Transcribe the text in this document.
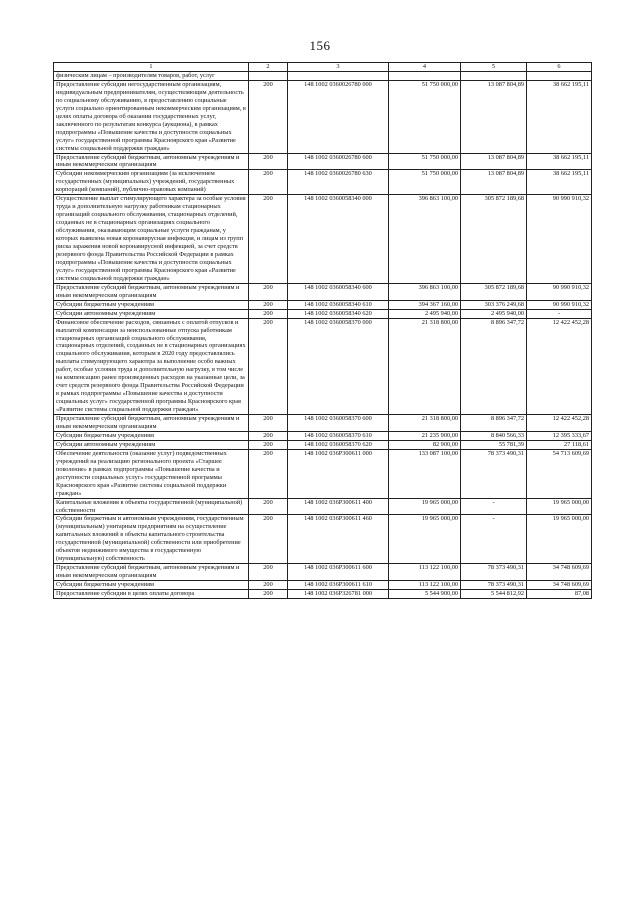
156
1	2	3	4	5	6
физическим лицам – производителям товаров, работ, услуг					
Предоставление субсидии негосударственным организациям, индивидуальным предпринимателям, осуществляющим деятельность по социальному обслуживанию, в предоставлению социальные услуги социально ориентированным некоммерческим организациям, в целях оплаты договора об оказании государственных услуг, заключенного по результатам конкурса (аукциона), в рамках подпрограммы «Повышение качества и доступности социальных услуг» государственной программы Красноярского края «Развитие системы социальной поддержки граждан»	200	148 1002 0360026780 000	51 750 000,00	13 087 804,89	38 662 195,11
Предоставление субсидий бюджетным, автономным учреждениям и иным некоммерческим организациям	200	148 1002 0360026780 600	51 750 000,00	13 087 804,89	38 662 195,11
Субсидии некоммерческим организациям (за исключением государственных (муниципальных) учреждений, государственных корпораций (компаний), публично-правовых компаний)	200	148 1002 0360026780 630	51 750 000,00	13 087 804,89	38 662 195,11
Осуществление выплат стимулирующего характера за особые условия труда и дополнительную нагрузку работникам стационарных организаций социального обслуживания, стационарных отделений, созданных не в стационарных организациях социального обслуживания, оказывающим социальные услуги гражданам, у которых выявлена новая коронавирусная инфекция, и лицам из групп риска заражения новой коронавирусной инфекцией, за счет средств резервного фонда Правительства Российской Федерации в рамках подпрограммы «Повышение качества и доступности социальных услуг» государственной программы Красноярского края «Развитие системы социальной поддержки граждан»	200	148 1002 0360058340 000	396 863 100,00	305 872 189,68	90 990 910,32
Предоставление субсидий бюджетным, автономным учреждениям и иным некоммерческим организациям	200	148 1002 0360058340 600	396 863 100,00	305 872 189,68	90 990 910,32
Субсидии бюджетным учреждениям	200	148 1002 0360058340 610	394 367 160,00	303 376 249,68	90 990 910,32
Субсидии автономным учреждениям	200	148 1002 0360058340 620	2 495 940,00	2 495 940,00	-
Финансовое обеспечение расходов, связанных с оплатой отпусков и выплатой компенсации за неиспользованные отпуска работникам стационарных организаций социального обслуживания, стационарных отделений, созданных не в стационарных организациях социального обслуживания, которым в 2020 году предоставлялись выплаты стимулирующего характера за выполнение особо важных работ, особые условия труда и дополнительную нагрузку, в том числе на компенсацию ранее произведенных расходов на указанные цели, за счет средств резервного фонда Правительства Российской Федерации в рамках подпрограммы «Повышение качества и доступности социальных услуг» государственной программы Красноярского края «Развитие системы социальной поддержки граждан»	200	148 1002 0360058370 000	21 318 800,00	8 896 347,72	12 422 452,28
Предоставление субсидий бюджетным, автономным учреждениям и иным некоммерческим организациям	200	148 1002 0360058370 600	21 318 800,00	8 896 347,72	12 422 452,28
Субсидии бюджетным учреждениям	200	148 1002 0360058370 610	21 235 900,00	8 840 566,33	12 395 333,67
Субсидии автономным учреждениям	200	148 1002 0360058370 620	82 900,00	55 781,39	27 118,61
Обеспечение деятельности (оказание услуг) подведомственных учреждений на реализацию регионального проекта «Старшее поколение» в рамках подпрограммы «Повышение качества и доступности социальных услуг» государственной программы Красноярского края «Развитие системы социальной поддержки граждан»	200	148 1002 036P300611 000	133 087 100,00	78 373 490,31	54 713 609,69
Капитальные вложения в объекты государственной (муниципальной) собственности	200	148 1002 036P300611 400	19 965 000,00	-	19 965 000,00
Субсидии бюджетным и автономным учреждениям, государственным (муниципальным) унитарным предприятиям на осуществление капитальных вложений в объекты капитального строительства государственной (муниципальной) собственности или приобретение объектов недвижимого имущества в государственную (муниципальную) собственность	200	148 1002 036P300611 460	19 965 000,00	-	19 965 000,00
Предоставление субсидий бюджетным, автономным учреждениям и иным некоммерческим организациям	200	148 1002 036P300611 600	113 122 100,00	78 373 490,31	34 748 609,69
Субсидии бюджетным учреждениям	200	148 1002 036P300611 610	113 122 100,00	78 373 490,31	34 748 609,69
Предоставление субсидии в целях оплаты договора	200	148 1002 036P326781 000	5 544 900,00	5 544 812,92	87,08
